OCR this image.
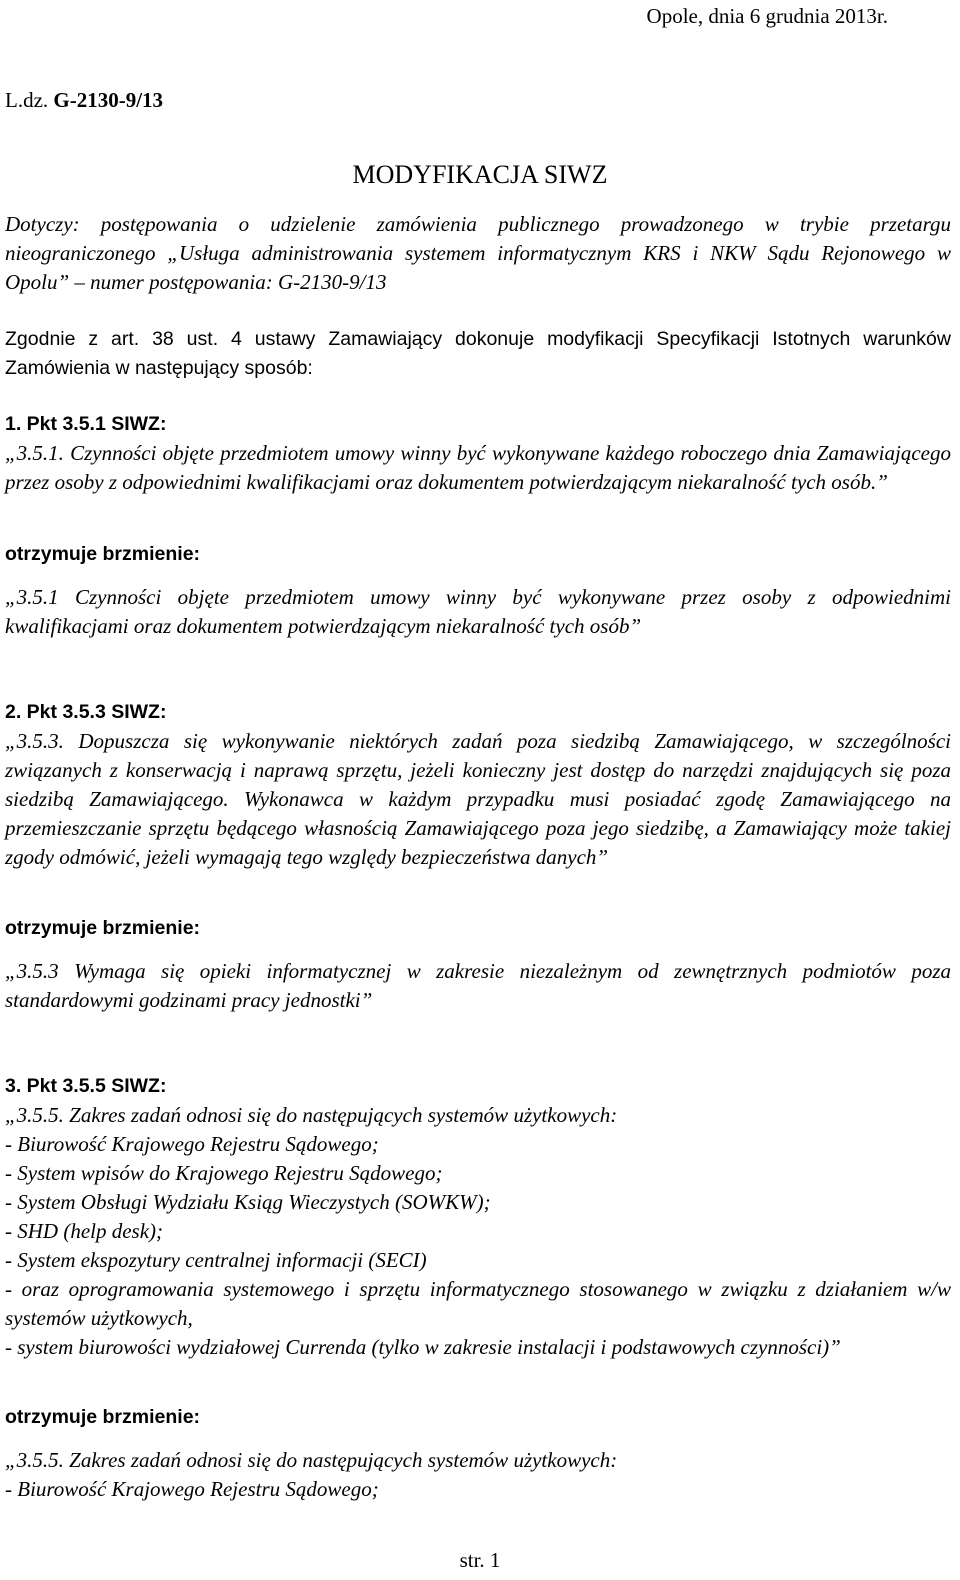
Opole, dnia 6 grudnia 2013r.
L.dz. G-2130-9/13
MODYFIKACJA SIWZ

Dotyczy: postępowania o udzielenie zamówienia publicznego prowadzonego w trybie przetargu nieograniczonego „Usługa administrowania systemem informatycznym KRS i NKW Sądu Rejonowego w Opolu” – numer postępowania: G-2130-9/13

Zgodnie z art. 38 ust. 4 ustawy Zamawiający dokonuje modyfikacji Specyfikacji Istotnych warunków Zamówienia w następujący sposób:

1. Pkt 3.5.1 SIWZ:

„3.5.1. Czynności objęte przedmiotem umowy winny być wykonywane każdego roboczego dnia Zamawiającego przez osoby z odpowiednimi kwalifikacjami oraz dokumentem potwierdzającym niekaralność tych osób.”

otrzymuje brzmienie:

„3.5.1 Czynności objęte przedmiotem umowy winny być wykonywane przez osoby z odpowiednimi kwalifikacjami oraz dokumentem potwierdzającym niekaralność tych osób”

2. Pkt 3.5.3 SIWZ:

„3.5.3. Dopuszcza się wykonywanie niektórych zadań poza siedzibą Zamawiającego, w szczególności związanych z konserwacją i naprawą sprzętu, jeżeli konieczny jest dostęp do narzędzi znajdujących się poza siedzibą Zamawiającego. Wykonawca w każdym przypadku musi posiadać zgodę Zamawiającego na przemieszczanie sprzętu będącego własnością Zamawiającego poza jego siedzibę, a Zamawiający może takiej zgody odmówić, jeżeli wymagają tego względy bezpieczeństwa danych”

otrzymuje brzmienie:

„3.5.3 Wymaga się opieki informatycznej w zakresie niezależnym od zewnętrznych podmiotów poza standardowymi godzinami pracy jednostki”

3. Pkt 3.5.5 SIWZ:

„3.5.5. Zakres zadań odnosi się do następujących systemów użytkowych:

- Biurowość Krajowego Rejestru Sądowego;

- System wpisów do Krajowego Rejestru Sądowego;

- System Obsługi Wydziału Ksiąg Wieczystych (SOWKW);

- SHD (help desk);

- System ekspozytury centralnej informacji (SECI)

- oraz oprogramowania systemowego i sprzętu informatycznego stosowanego w związku z działaniem w/w systemów użytkowych,

- system biurowości wydziałowej Currenda (tylko w zakresie instalacji i podstawowych czynności)”

otrzymuje brzmienie:

„3.5.5. Zakres zadań odnosi się do następujących systemów użytkowych:

- Biurowość Krajowego Rejestru Sądowego;

str. 1
